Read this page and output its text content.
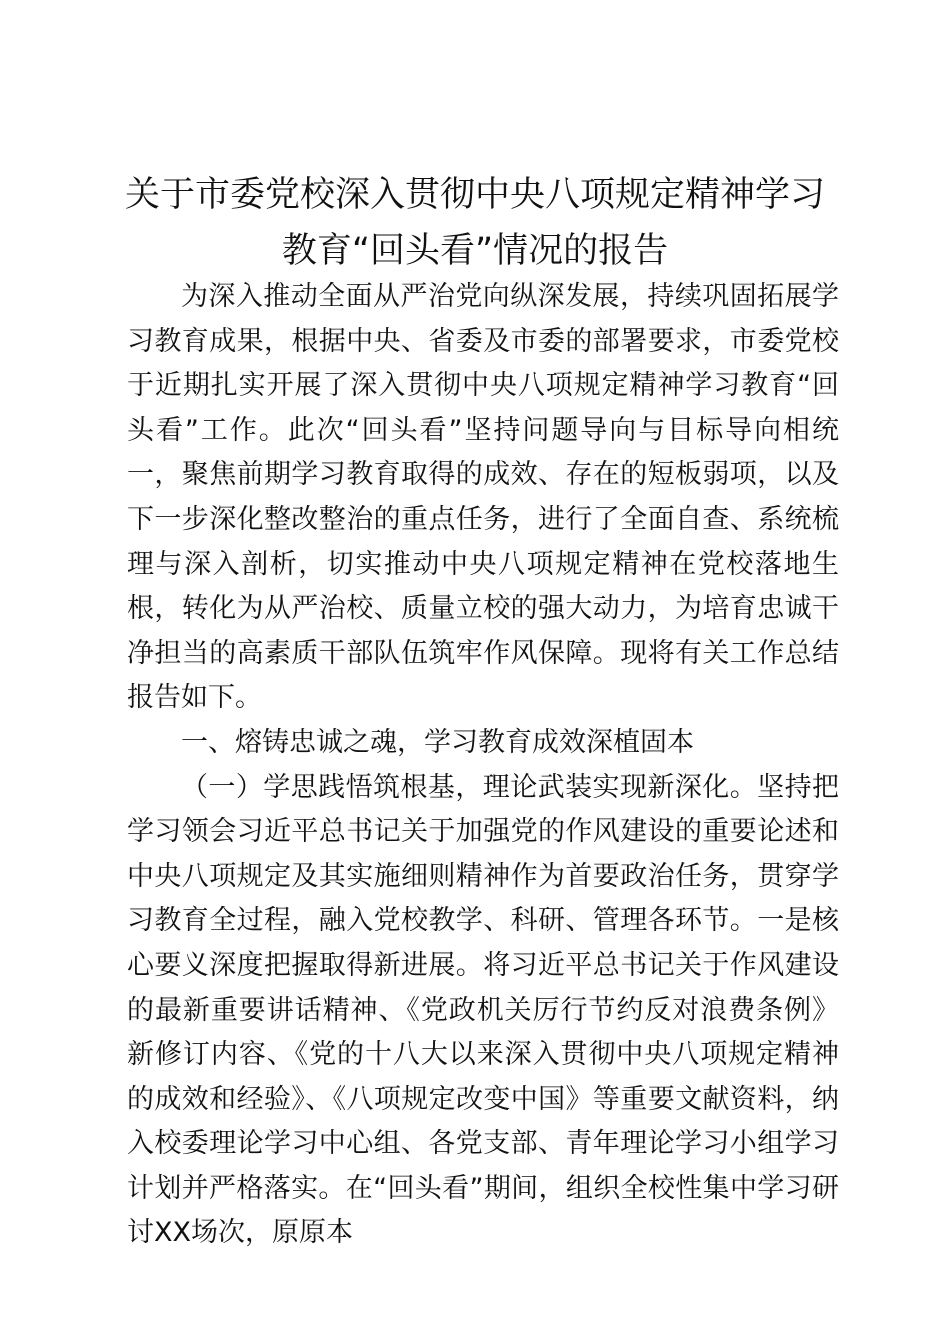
关于市委党校深入贯彻中央八项规定精神学习
教育“回头看”情况的报告

为深入推动全面从严治党向纵深发展，持续巩固拓展学习教育成果，根据中央、省委及市委的部署要求，市委党校于近期扎实开展了深入贯彻中央八项规定精神学习教育“回头看”工作。此次“回头看”坚持问题导向与目标导向相统一，聚焦前期学习教育取得的成效、存在的短板弱项，以及下一步深化整改整治的重点任务，进行了全面自查、系统梳理与深入剖析，切实推动中央八项规定精神在党校落地生根，转化为从严治校、质量立校的强大动力，为培育忠诚干净担当的高素质干部队伍筑牢作风保障。现将有关工作总结报告如下。

一、熔铸忠诚之魂，学习教育成效深植固本

（一）学思践悟筑根基，理论武装实现新深化。坚持把学习领会习近平总书记关于加强党的作风建设的重要论述和中央八项规定及其实施细则精神作为首要政治任务，贯穿学习教育全过程，融入党校教学、科研、管理各环节。一是核心要义深度把握取得新进展。将习近平总书记关于作风建设的最新重要讲话精神、《党政机关厉行节约反对浪费条例》新修订内容、《党的十八大以来深入贯彻中央八项规定精神的成效和经验》、《八项规定改变中国》等重要文献资料，纳入校委理论学习中心组、各党支部、青年理论学习小组学习计划并严格落实。在“回头看”期间，组织全校性集中学习研讨XX场次，原原本
